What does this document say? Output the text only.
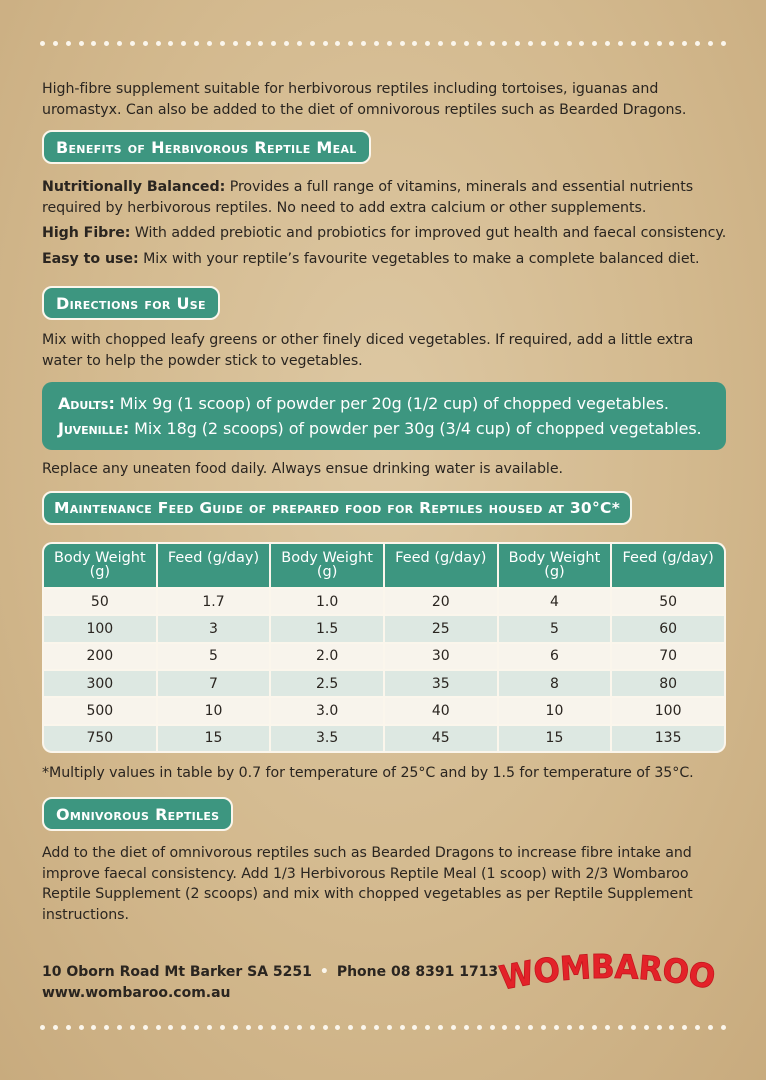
High-fibre supplement suitable for herbivorous reptiles including tortoises, iguanas and uromastyx. Can also be added to the diet of omnivorous reptiles such as Bearded Dragons.

Benefits of Herbivorous Reptile Meal

Nutritionally Balanced: Provides a full range of vitamins, minerals and essential nutrients required by herbivorous reptiles. No need to add extra calcium or other supplements.

High Fibre: With added prebiotic and probiotics for improved gut health and faecal consistency.

Easy to use: Mix with your reptile’s favourite vegetables to make a complete balanced diet.

Directions for Use

Mix with chopped leafy greens or other finely diced vegetables. If required, add a little extra water to help the powder stick to vegetables.

Adults: Mix 9g (1 scoop) of powder per 20g (1/2 cup) of chopped vegetables.
Juvenille: Mix 18g (2 scoops) of powder per 30g (3/4 cup) of chopped vegetables.

Replace any uneaten food daily. Always ensue drinking water is available.

Maintenance Feed Guide of prepared food for Reptiles housed at 30°C*
Body Weight (g)	Feed (g/day)	Body Weight (g)	Feed (g/day)	Body Weight (g)	Feed (g/day)
50	1.7	1.0	20	4	50
100	3	1.5	25	5	60
200	5	2.0	30	6	70
300	7	2.5	35	8	80
500	10	3.0	40	10	100
750	15	3.5	45	15	135

*Multiply values in table by 0.7 for temperature of 25°C and by 1.5 for temperature of 35°C.

Omnivorous Reptiles

Add to the diet of omnivorous reptiles such as Bearded Dragons to increase fibre intake and improve faecal consistency. Add 1/3 Herbivorous Reptile Meal (1 scoop) with 2/3 Wombaroo Reptile Supplement (2 scoops) and mix with chopped vegetables as per Reptile Supplement instructions.

10 Oborn Road Mt Barker SA 5251 • Phone 08 8391 1713
www.wombaroo.com.au	WOMBAROO
